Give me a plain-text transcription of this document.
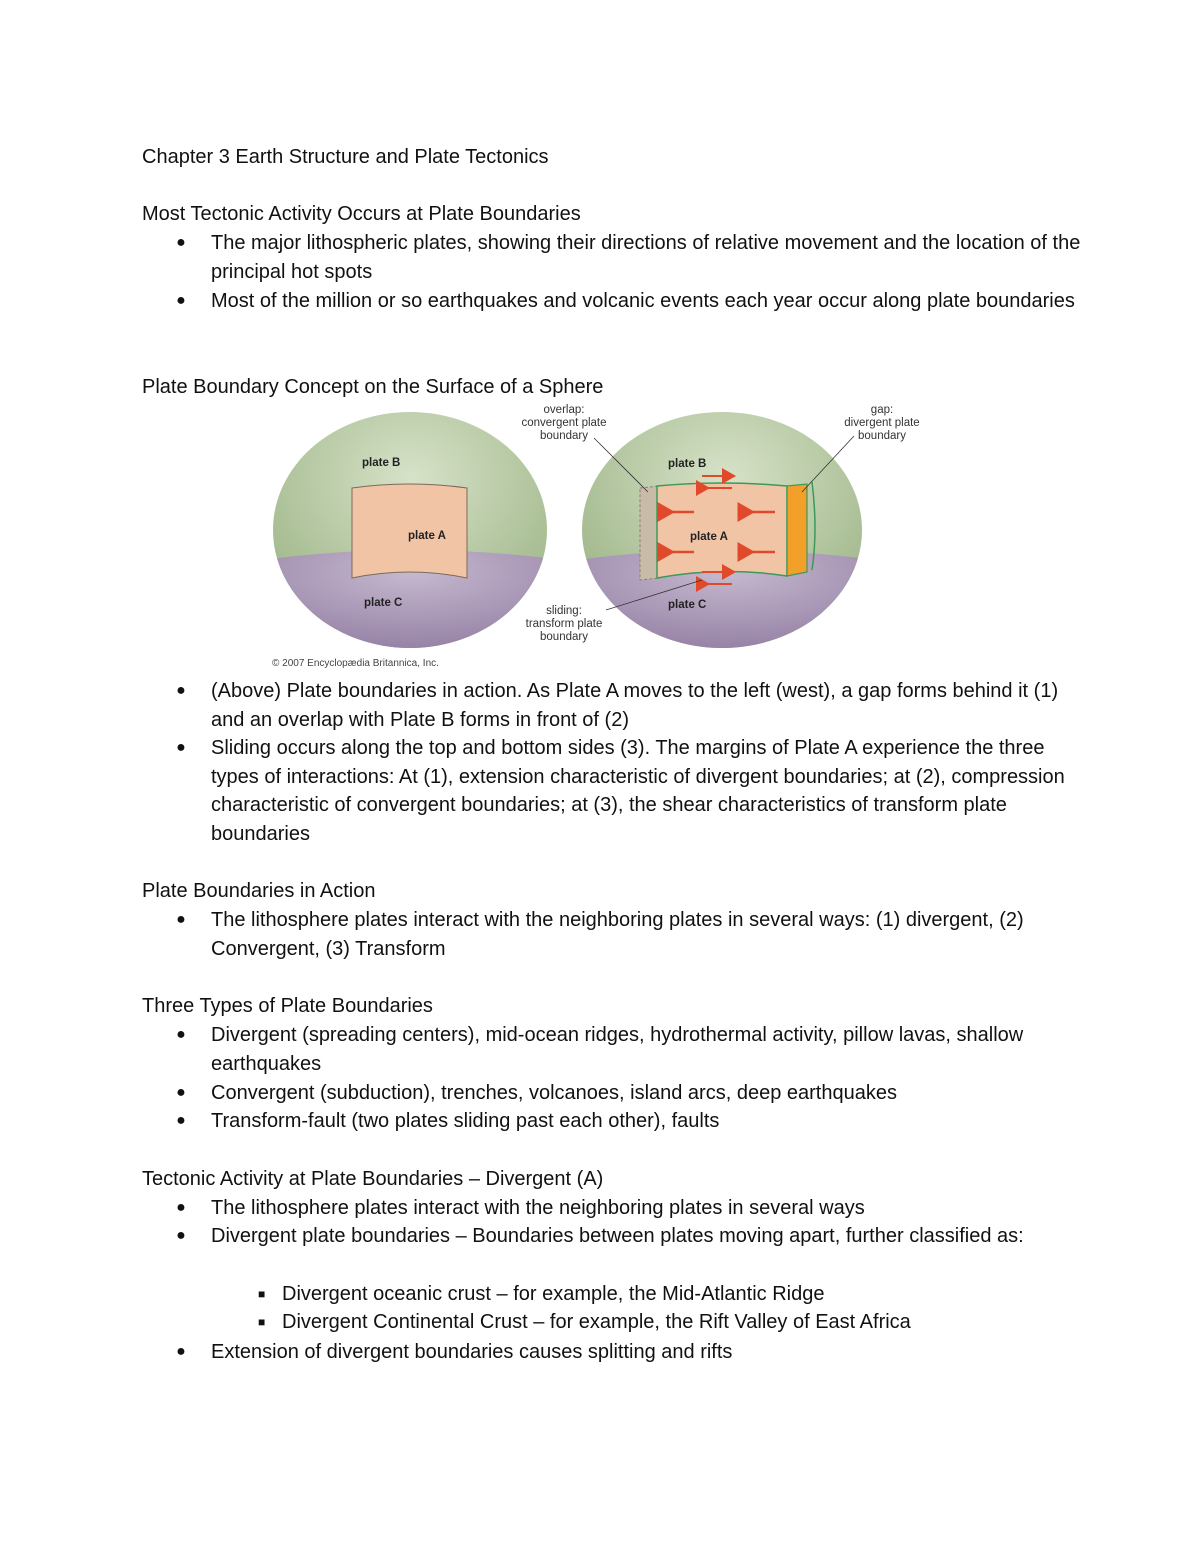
Chapter 3 Earth Structure and Plate Tectonics
Most Tectonic Activity Occurs at Plate Boundaries
● The major lithospheric plates, showing their directions of relative movement and the location of the principal hot spots
● Most of the million or so earthquakes and volcanic events each year occur along plate boundaries
Plate Boundary Concept on the Surface of a Sphere
plate B
plate A
plate C
plate B
plate A
plate C
overlap:
convergent plate
boundary
gap:
divergent plate
boundary
sliding:
transform plate
boundary
© 2007 Encyclopædia Britannica, Inc.
● (Above) Plate boundaries in action. As Plate A moves to the left (west), a gap forms behind it (1) and an overlap with Plate B forms in front of (2)
● Sliding occurs along the top and bottom sides (3). The margins of Plate A experience the three types of interactions: At (1), extension characteristic of divergent boundaries; at (2), compression characteristic of convergent boundaries; at (3), the shear characteristics of transform plate boundaries
Plate Boundaries in Action
● The lithosphere plates interact with the neighboring plates in several ways: (1) divergent, (2) Convergent, (3) Transform
Three Types of Plate Boundaries
● Divergent (spreading centers), mid-ocean ridges, hydrothermal activity, pillow lavas, shallow earthquakes
● Convergent (subduction), trenches, volcanoes, island arcs, deep earthquakes
● Transform-fault (two plates sliding past each other), faults
Tectonic Activity at Plate Boundaries – Divergent (A)
● The lithosphere plates interact with the neighboring plates in several ways
● Divergent plate boundaries – Boundaries between plates moving apart, further classified as:
■ Divergent oceanic crust – for example, the Mid-Atlantic Ridge
■ Divergent Continental Crust – for example, the Rift Valley of East Africa
● Extension of divergent boundaries causes splitting and rifts
